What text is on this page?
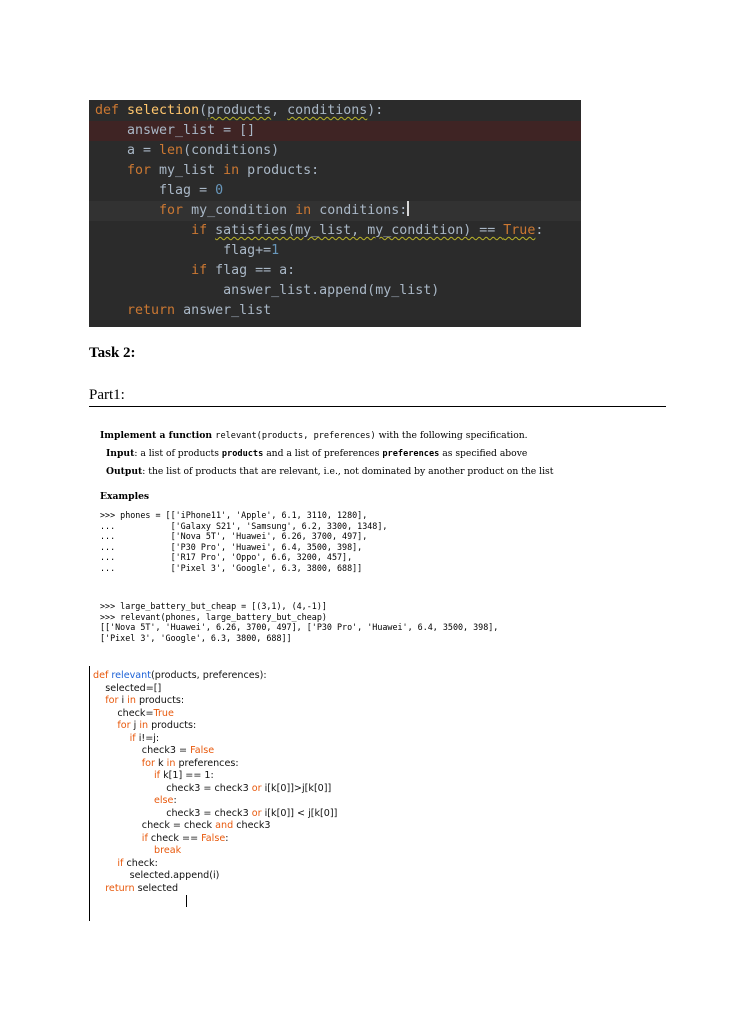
def selection(products, conditions):
answer_list = []
a = len(conditions)
for my_list in products:
flag = 0
for my_condition in conditions:
if satisfies(my_list, my_condition) == True:
flag+=1
if flag == a:
answer_list.append(my_list)
return answer_list
Task 2:
Part1:
Implement a function relevant(products, preferences) with the following specification.
Input: a list of products products and a list of preferences preferences as specified above
Output: the list of products that are relevant, i.e., not dominated by another product on the list
Examples
>>> phones = [['iPhone11', 'Apple', 6.1, 3110, 1280],
...           ['Galaxy S21', 'Samsung', 6.2, 3300, 1348],
...           ['Nova 5T', 'Huawei', 6.26, 3700, 497],
...           ['P30 Pro', 'Huawei', 6.4, 3500, 398],
...           ['R17 Pro', 'Oppo', 6.6, 3200, 457],
...           ['Pixel 3', 'Google', 6.3, 3800, 688]]
>>> large_battery_but_cheap = [(3,1), (4,-1)]
>>> relevant(phones, large_battery_but_cheap)
[['Nova 5T', 'Huawei', 6.26, 3700, 497], ['P30 Pro', 'Huawei', 6.4, 3500, 398],
['Pixel 3', 'Google', 6.3, 3800, 688]]
def relevant(products, preferences):
selected=[]
for i in products:
check=True
for j in products:
if i!=j:
check3 = False
for k in preferences:
if k[1] == 1:
check3 = check3 or i[k[0]]>j[k[0]]
else:
check3 = check3 or i[k[0]] < j[k[0]]
check = check and check3
if check == False:
break
if check:
selected.append(i)
return selected
